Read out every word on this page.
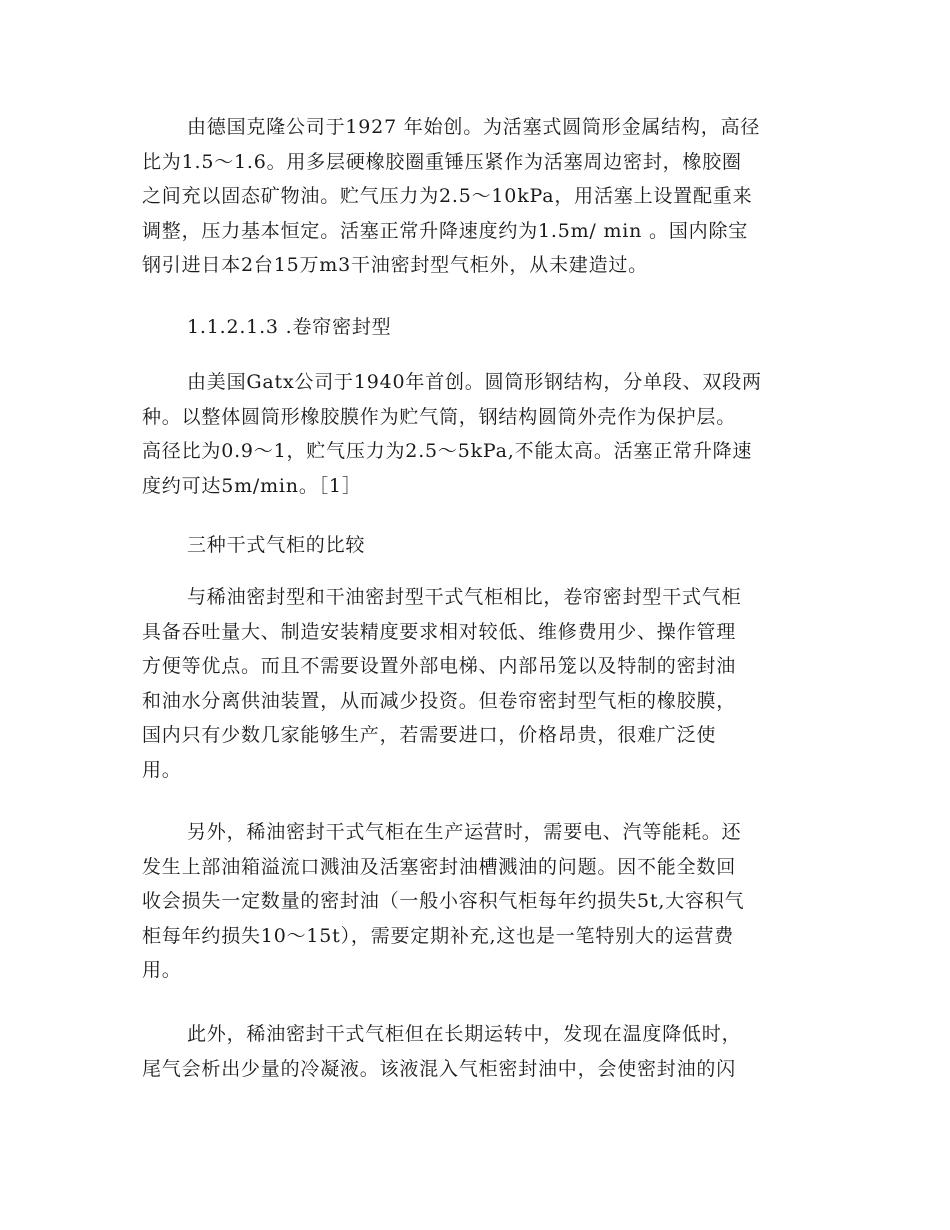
由德国克隆公司于1927 年始创。为活塞式圆筒形金属结构，高径
比为1.5～1.6。用多层硬橡胶圈重锤压紧作为活塞周边密封，橡胶圈
之间充以固态矿物油。贮气压力为2.5～10kPa，用活塞上设置配重来
调整，压力基本恒定。活塞正常升降速度约为1.5m/ min 。国内除宝
钢引进日本2台15万m3干油密封型气柜外，从未建造过。
1.1.2.1.3 .卷帘密封型
由美国Gatx公司于1940年首创。圆筒形钢结构，分单段、双段两
种。以整体圆筒形橡胶膜作为贮气筒，钢结构圆筒外壳作为保护层。
高径比为0.9～1，贮气压力为2.5～5kPa,不能太高。活塞正常升降速
度约可达5m/min。［1］
三种干式气柜的比较
与稀油密封型和干油密封型干式气柜相比，卷帘密封型干式气柜
具备吞吐量大、制造安装精度要求相对较低、维修费用少、操作管理
方便等优点。而且不需要设置外部电梯、内部吊笼以及特制的密封油
和油水分离供油装置，从而减少投资。但卷帘密封型气柜的橡胶膜，
国内只有少数几家能够生产，若需要进口，价格昂贵，很难广泛使
用。
另外，稀油密封干式气柜在生产运营时，需要电、汽等能耗。还
发生上部油箱溢流口溅油及活塞密封油槽溅油的问题。因不能全数回
收会损失一定数量的密封油（一般小容积气柜每年约损失5t,大容积气
柜每年约损失10～15t），需要定期补充,这也是一笔特别大的运营费
用。
此外，稀油密封干式气柜但在长期运转中，发现在温度降低时，
尾气会析出少量的冷凝液。该液混入气柜密封油中，会使密封油的闪
